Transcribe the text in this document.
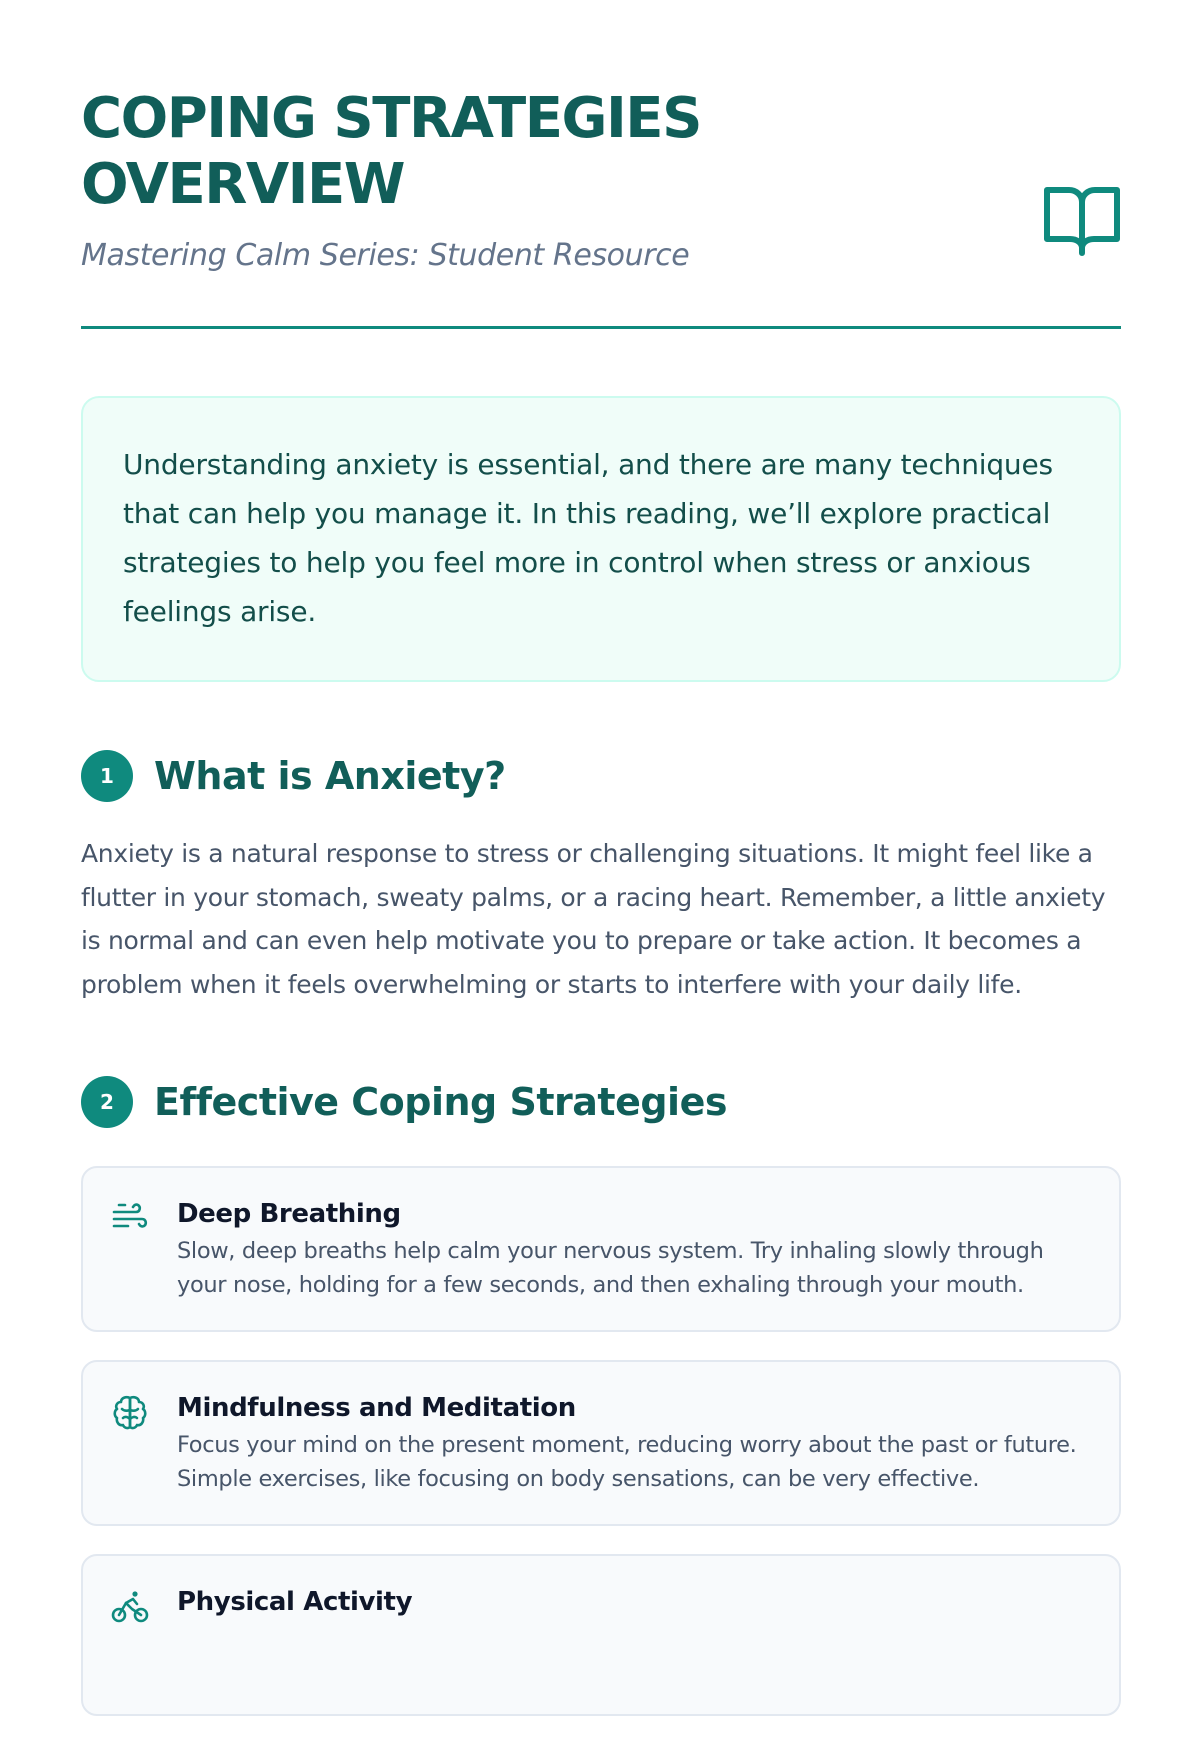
COPING STRATEGIES OVERVIEW
Mastering Calm Series: Student Resource

Understanding anxiety is essential, and there are many techniques that can help you manage it. In this reading, we’ll explore practical strategies to help you feel more in control when stress or anxious feelings arise.

1	What is Anxiety?

Anxiety is a natural response to stress or challenging situations. It might feel like a flutter in your stomach, sweaty palms, or a racing heart. Remember, a little anxiety is normal and can even help motivate you to prepare or take action. It becomes a problem when it feels overwhelming or starts to interfere with your daily life.

2	Effective Coping Strategies
Deep Breathing
Slow, deep breaths help calm your nervous system. Try inhaling slowly through your nose, holding for a few seconds, and then exhaling through your mouth.
Mindfulness and Meditation
Focus your mind on the present moment, reducing worry about the past or future. Simple exercises, like focusing on body sensations, can be very effective.
Physical Activity
